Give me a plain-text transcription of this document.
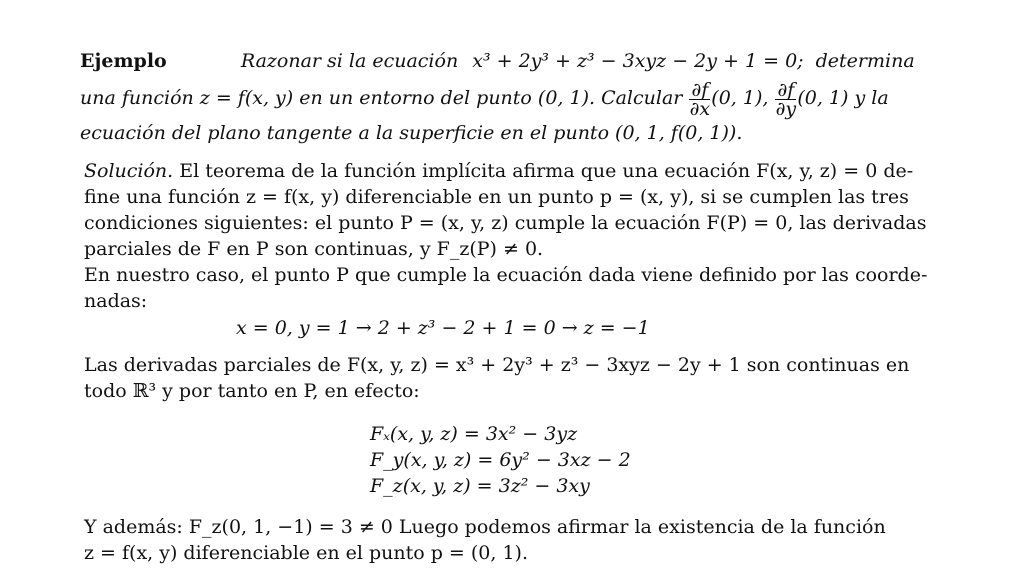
Ejemplo	Razonar si la ecuación x³ + 2y³ + z³ − 3xyz − 2y + 1 = 0; determina
una función z = f(x, y) en un entorno del punto (0, 1). Calcular $\frac{\partial f}{\partial x} (0$, 1), $\frac{\partial f}{\partial y} (0$, 1) y la
ecuación del plano tangente a la superficie en el punto (0, 1, f(0, 1)).
Solución. El teorema de la función implícita afirma que una ecuación F(x, y, z) = 0 de-
fine una función z = f(x, y) diferenciable en un punto p = (x, y), si se cumplen las tres
condiciones siguientes: el punto P = (x, y, z) cumple la ecuación F(P) = 0, las derivadas
parciales de F en P son continuas, y F_z(P) ≠ 0.
En nuestro caso, el punto P que cumple la ecuación dada viene definido por las coorde-
nadas:
x = 0, y = 1 → 2 + z³ − 2 + 1 = 0 → z = −1
Las derivadas parciales de F(x, y, z) = x³ + 2y³ + z³ − 3xyz − 2y + 1 son continuas en
todo ℝ³ y por tanto en P, en efecto:
Fₓ(x, y, z) = 3x² − 3yz
F_y(x, y, z) = 6y² − 3xz − 2
F_z(x, y, z) = 3z² − 3xy
Y además: F_z(0, 1, −1) = 3 ≠ 0 Luego podemos afirmar la existencia de la función
z = f(x, y) diferenciable en el punto p = (0, 1).
